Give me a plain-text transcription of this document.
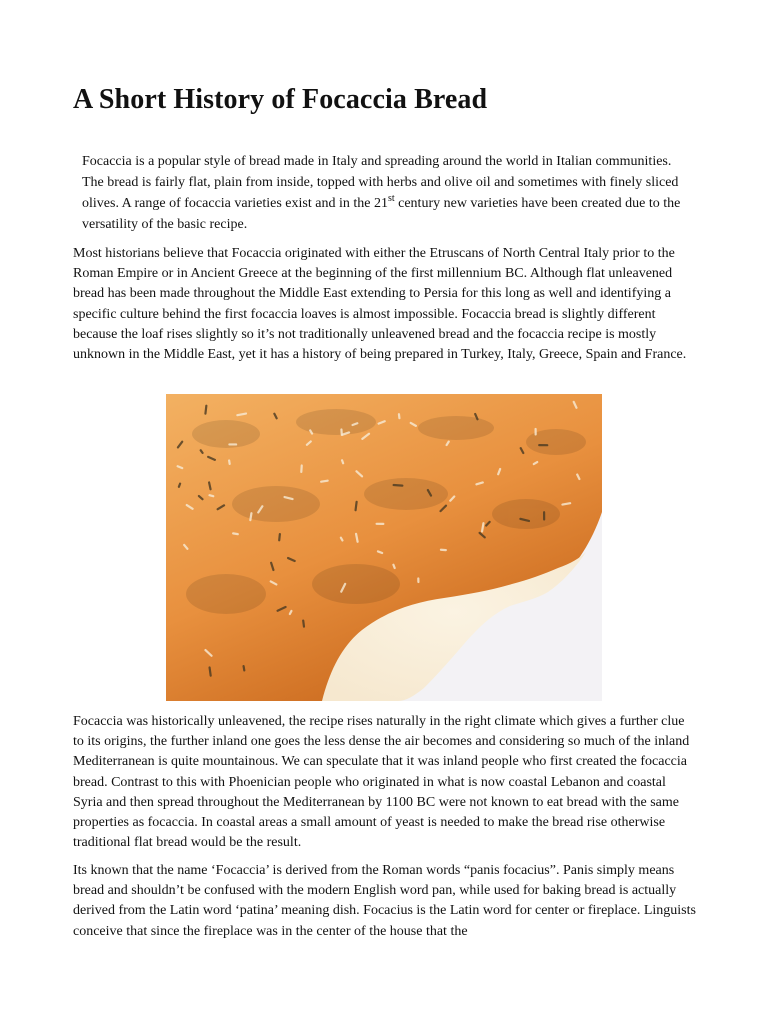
A Short History of Focaccia Bread

Focaccia is a popular style of bread made in Italy and spreading around the world in Italian communities. The bread is fairly flat, plain from inside, topped with herbs and olive oil and sometimes with finely sliced olives. A range of focaccia varieties exist and in the 21st century new varieties have been created due to the versatility of the basic recipe.

Most historians believe that Focaccia originated with either the Etruscans of North Central Italy prior to the Roman Empire or in Ancient Greece at the beginning of the first millennium BC. Although flat unleavened bread has been made throughout the Middle East extending to Persia for this long as well and identifying a specific culture behind the first focaccia loaves is almost impossible. Focaccia bread is slightly different because the loaf rises slightly so it’s not traditionally unleavened bread and the focaccia recipe is mostly unknown in the Middle East, yet it has a history of being prepared in Turkey, Italy, Greece, Spain and France.

Focaccia was historically unleavened, the recipe rises naturally in the right climate which gives a further clue to its origins, the further inland one goes the less dense the air becomes and considering so much of the inland Mediterranean is quite mountainous. We can speculate that it was inland people who first created the focaccia bread. Contrast to this with Phoenician people who originated in what is now coastal Lebanon and coastal Syria and then spread throughout the Mediterranean by 1100 BC were not known to eat bread with the same properties as focaccia. In coastal areas a small amount of yeast is needed to make the bread rise otherwise traditional flat bread would be the result.

Its known that the name ‘Focaccia’ is derived from the Roman words “panis focacius”. Panis simply means bread and shouldn’t be confused with the modern English word pan, while used for baking bread is actually derived from the Latin word ‘patina’ meaning dish. Focacius is the Latin word for center or fireplace. Linguists conceive that since the fireplace was in the center of the house that the
